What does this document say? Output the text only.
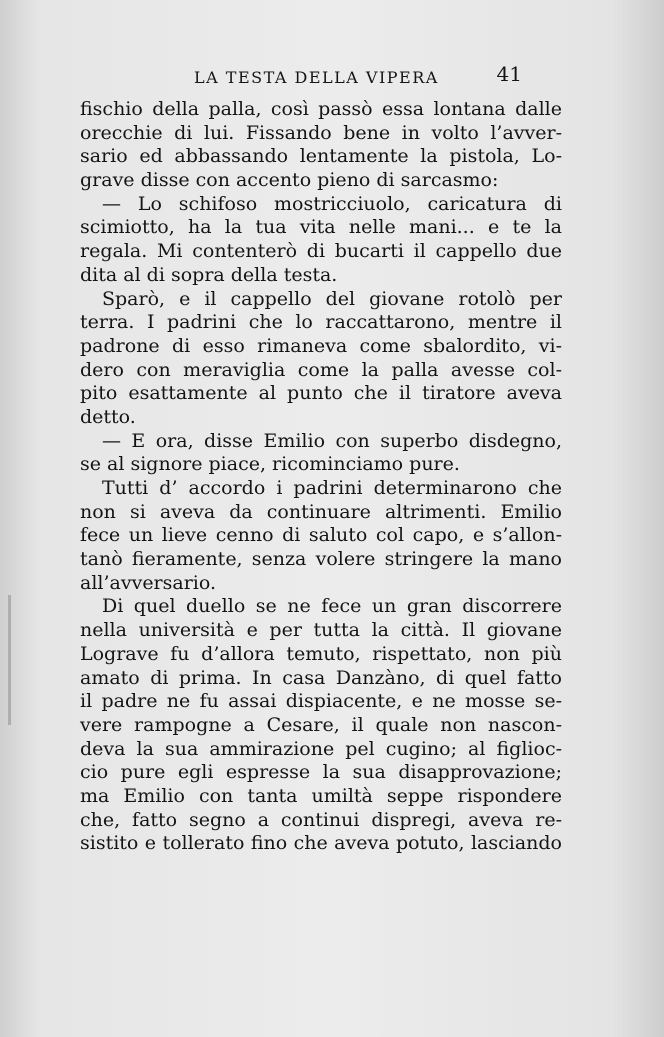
LA TESTA DELLA VIPERA	41
fischio della palla, così passò essa lontana dalle
orecchie di lui. Fissando bene in volto l’avver-
sario ed abbassando lentamente la pistola, Lo-
grave disse con accento pieno di sarcasmo:
— Lo schifoso mostricciuolo, caricatura di
scimiotto, ha la tua vita nelle mani... e te la
regala. Mi contenterò di bucarti il cappello due
dita al di sopra della testa.
Sparò, e il cappello del giovane rotolò per
terra. I padrini che lo raccattarono, mentre il
padrone di esso rimaneva come sbalordito, vi-
dero con meraviglia come la palla avesse col-
pito esattamente al punto che il tiratore aveva
detto.
— E ora, disse Emilio con superbo disdegno,
se al signore piace, ricominciamo pure.
Tutti d’ accordo i padrini determinarono che
non si aveva da continuare altrimenti. Emilio
fece un lieve cenno di saluto col capo, e s’allon-
tanò fieramente, senza volere stringere la mano
all’avversario.
Di quel duello se ne fece un gran discorrere
nella università e per tutta la città. Il giovane
Lograve fu d’allora temuto, rispettato, non più
amato di prima. In casa Danzàno, di quel fatto
il padre ne fu assai dispiacente, e ne mosse se-
vere rampogne a Cesare, il quale non nascon-
deva la sua ammirazione pel cugino; al figlioc-
cio pure egli espresse la sua disapprovazione;
ma Emilio con tanta umiltà seppe rispondere
che, fatto segno a continui dispregi, aveva re-
sistito e tollerato fino che aveva potuto, lasciando
